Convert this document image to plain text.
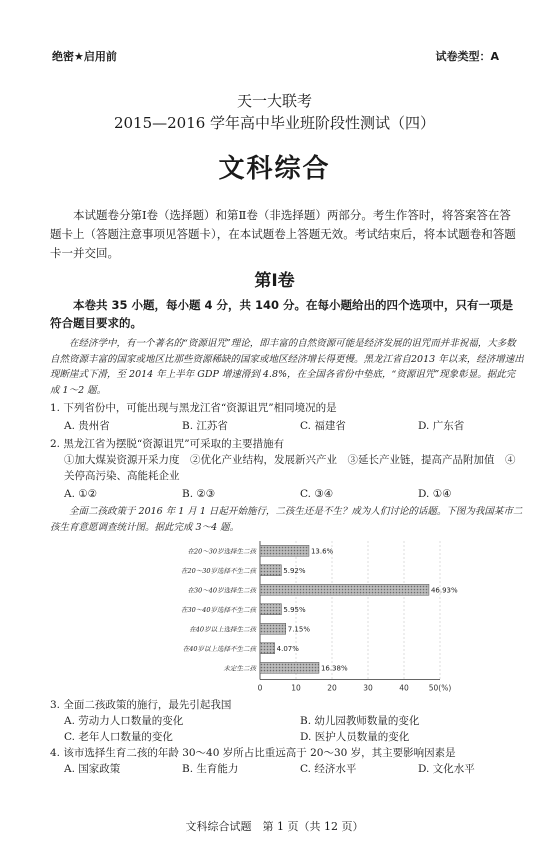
绝密★启用前	试卷类型：A
天一大联考
2015—2016 学年高中毕业班阶段性测试（四）
文科综合
本试题卷分第Ⅰ卷（选择题）和第Ⅱ卷（非选择题）两部分。考生作答时，将答案答在答题卡上（答题注意事项见答题卡），在本试题卷上答题无效。考试结束后，将本试题卷和答题卡一并交回。
第Ⅰ卷
本卷共 35 小题，每小题 4 分，共 140 分。在每小题给出的四个选项中，只有一项是符合题目要求的。
在经济学中，有一个著名的“资源诅咒”理论，即丰富的自然资源可能是经济发展的诅咒而并非祝福，大多数自然资源丰富的国家或地区比那些资源稀缺的国家或地区经济增长得更慢。黑龙江省自2013 年以来，经济增速出现断崖式下滑，至 2014 年上半年 GDP 增速滑到 4.8%，在全国各省份中垫底，“资源诅咒”现象彰显。据此完成 1～2 题。
1. 下列省份中，可能出现与黑龙江省“资源诅咒”相同境况的是
A. 贵州省	B. 江苏省	C. 福建省	D. 广东省
2. 黑龙江省为摆脱“资源诅咒”可采取的主要措施有
①加大煤炭资源开采力度　②优化产业结构，发展新兴产业　③延长产业链，提高产品附加值　④关停高污染、高能耗企业
A. ①②	B. ②③	C. ③④	D. ①④
全面二孩政策于 2016 年 1 月 1 日起开始施行，二孩生还是不生？成为人们讨论的话题。下图为我国某市二孩生育意愿调查统计图。据此完成 3～4 题。
0	10	20	30	40	50(%)
在20～30岁选择生二孩	13.6%
在20～30岁选择不生二孩	5.92%
在30～40岁选择生二孩	46.93%
在30～40岁选择不生二孩	5.95%
在40岁以上选择生二孩	7.15%
在40岁以上选择不生二孩	4.07%
未定生二孩	16.38%
3. 全面二孩政策的施行，最先引起我国
A. 劳动力人口数量的变化	B. 幼儿园教师数量的变化
C. 老年人口数量的变化	D. 医护人员数量的变化
4. 该市选择生育二孩的年龄 30～40 岁所占比重远高于 20～30 岁，其主要影响因素是
A. 国家政策	B. 生育能力	C. 经济水平	D. 文化水平
文科综合试题　第 1 页（共 12 页）
